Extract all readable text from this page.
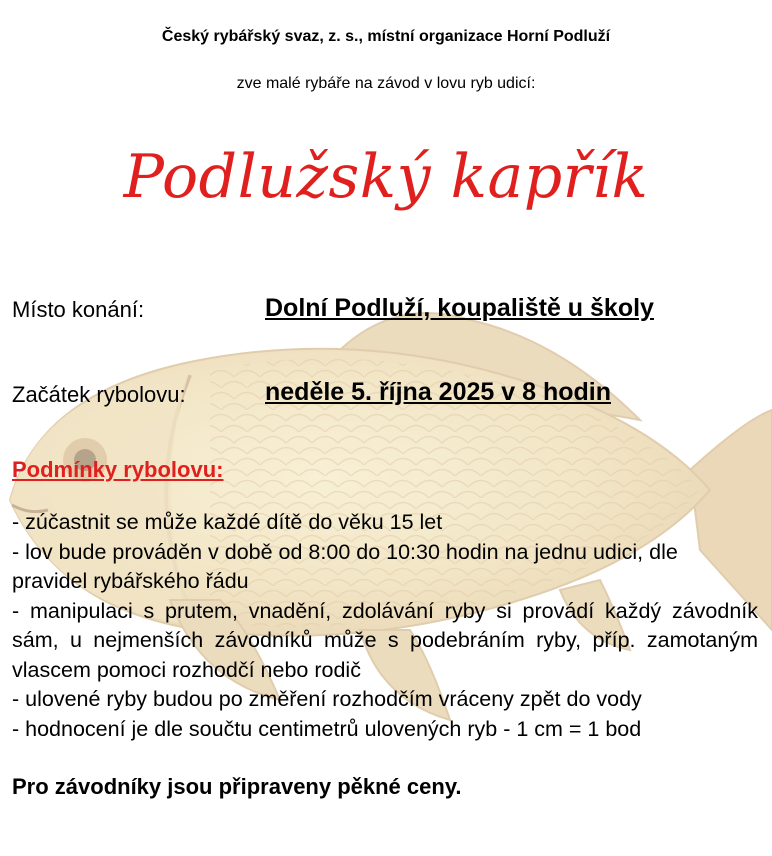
Český rybářský svaz, z. s., místní organizace Horní Podluží
zve malé rybáře na závod v lovu ryb udicí:
Podlužský kapřík
Místo konání:	Dolní Podluží, koupaliště u školy
Začátek rybolovu:	neděle 5. října 2025 v 8 hodin
Podmínky rybolovu:
- zúčastnit se může každé dítě do věku 15 let
- lov bude prováděn v době od 8:00 do 10:30 hodin na jednu udici, dle pravidel rybářského řádu
- manipulaci s prutem, vnadění, zdolávání ryby si provádí každý závodník sám, u nejmenších závodníků může s podebráním ryby, příp. zamotaným vlascem pomoci rozhodčí nebo rodič
- ulovené ryby budou po změření rozhodčím vráceny zpět do vody
- hodnocení je dle součtu centimetrů ulovených ryb - 1 cm = 1 bod
Pro závodníky jsou připraveny pěkné ceny.
